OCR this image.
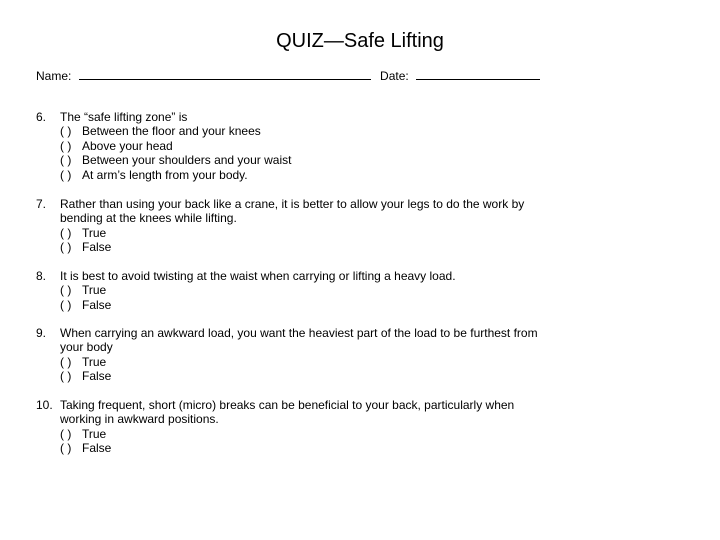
QUIZ—Safe Lifting
Name:	Date:
6.	The “safe lifting zone” is
( ) Between the floor and your knees
( ) Above your head
( ) Between your shoulders and your waist
( ) At arm’s length from your body.
7.	Rather than using your back like a crane, it is better to allow your legs to do the work by bending at the knees while lifting.
( ) True
( ) False
8.	It is best to avoid twisting at the waist when carrying or lifting a heavy load.
( ) True
( ) False
9.	When carrying an awkward load, you want the heaviest part of the load to be furthest from your body
( ) True
( ) False
10. Taking frequent, short (micro) breaks can be beneficial to your back, particularly when working in awkward positions.
( ) True
( ) False
